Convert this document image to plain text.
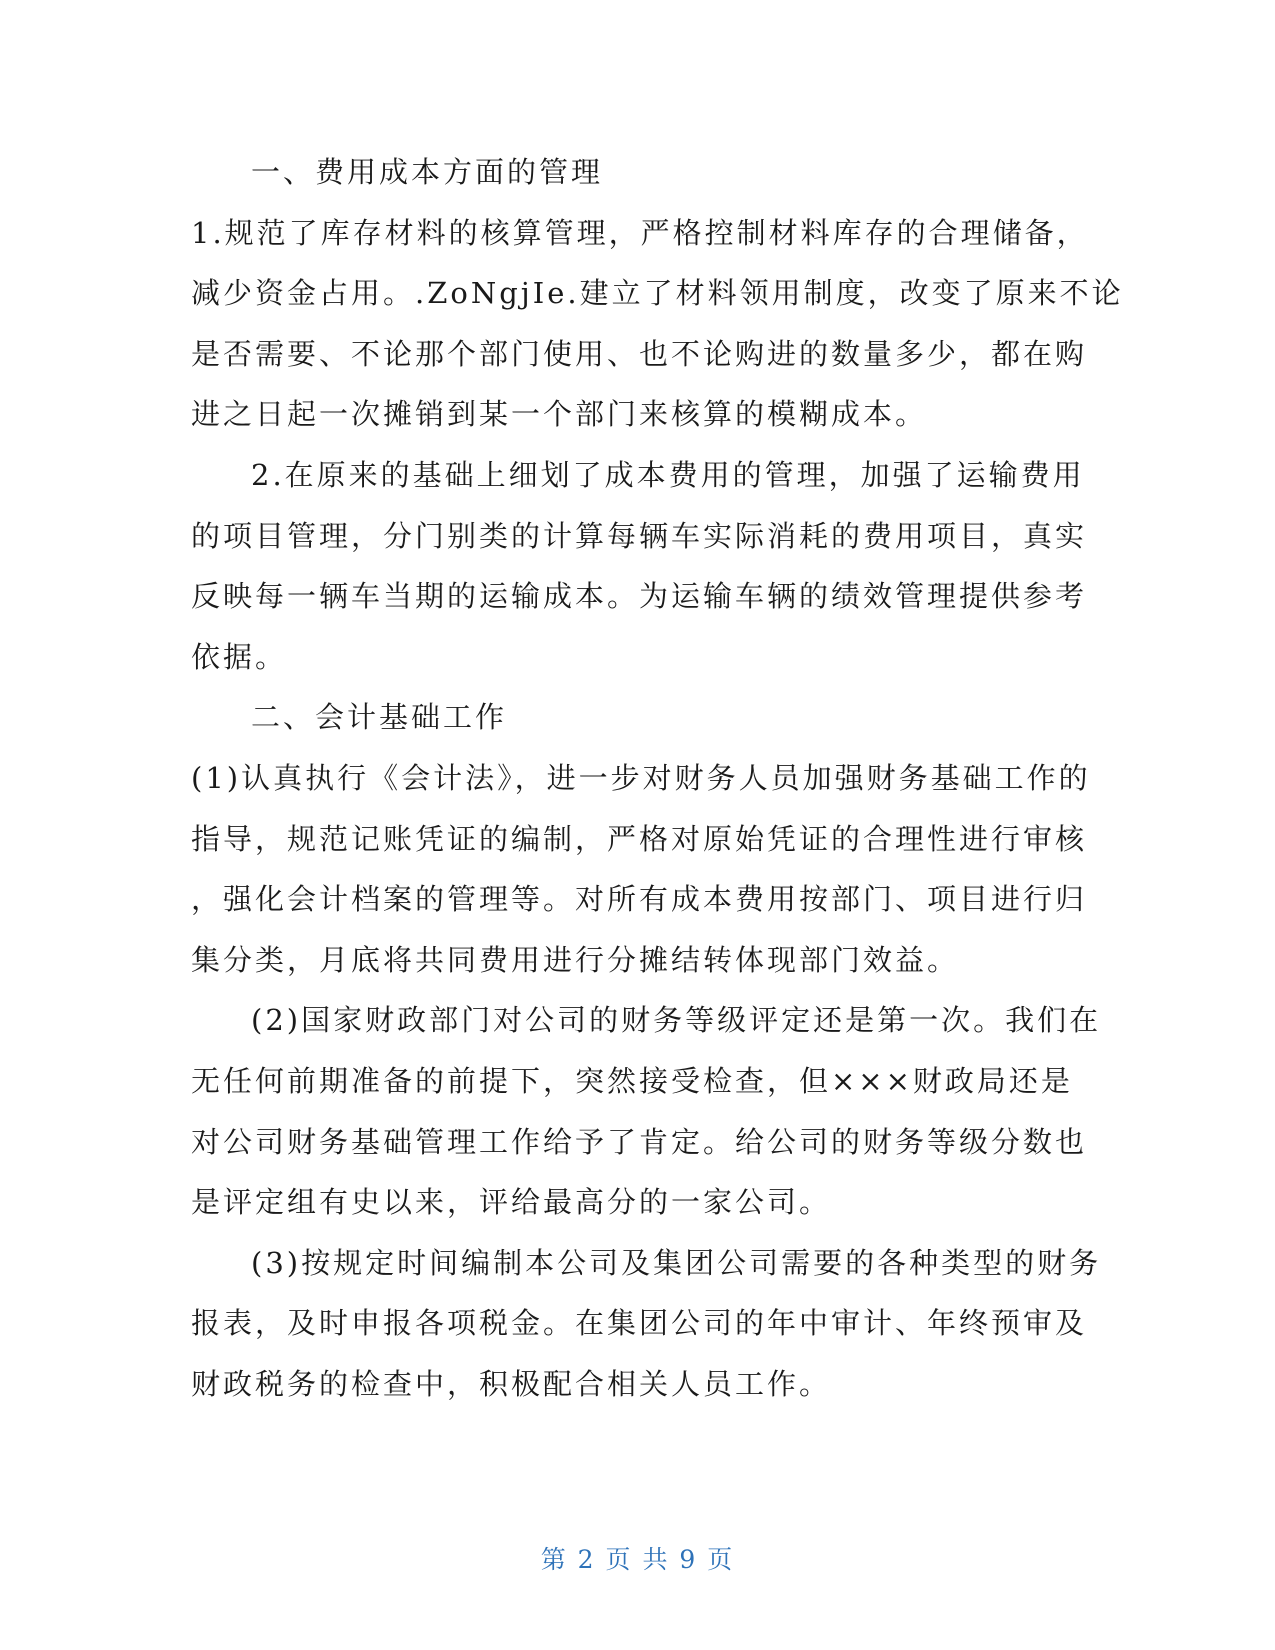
一、费用成本方面的管理
1.规范了库存材料的核算管理，严格控制材料库存的合理储备，
减少资金占用。.ZoNgjIe.建立了材料领用制度，改变了原来不论
是否需要、不论那个部门使用、也不论购进的数量多少，都在购
进之日起一次摊销到某一个部门来核算的模糊成本。
2.在原来的基础上细划了成本费用的管理，加强了运输费用
的项目管理，分门别类的计算每辆车实际消耗的费用项目，真实
反映每一辆车当期的运输成本。为运输车辆的绩效管理提供参考
依据。
二、会计基础工作
(1)认真执行《会计法》，进一步对财务人员加强财务基础工作的
指导，规范记账凭证的编制，严格对原始凭证的合理性进行审核
，强化会计档案的管理等。对所有成本费用按部门、项目进行归
集分类，月底将共同费用进行分摊结转体现部门效益。
(2)国家财政部门对公司的财务等级评定还是第一次。我们在
无任何前期准备的前提下，突然接受检查，但×××财政局还是
对公司财务基础管理工作给予了肯定。给公司的财务等级分数也
是评定组有史以来，评给最高分的一家公司。
(3)按规定时间编制本公司及集团公司需要的各种类型的财务
报表，及时申报各项税金。在集团公司的年中审计、年终预审及
财政税务的检查中，积极配合相关人员工作。
第 2 页 共 9 页
